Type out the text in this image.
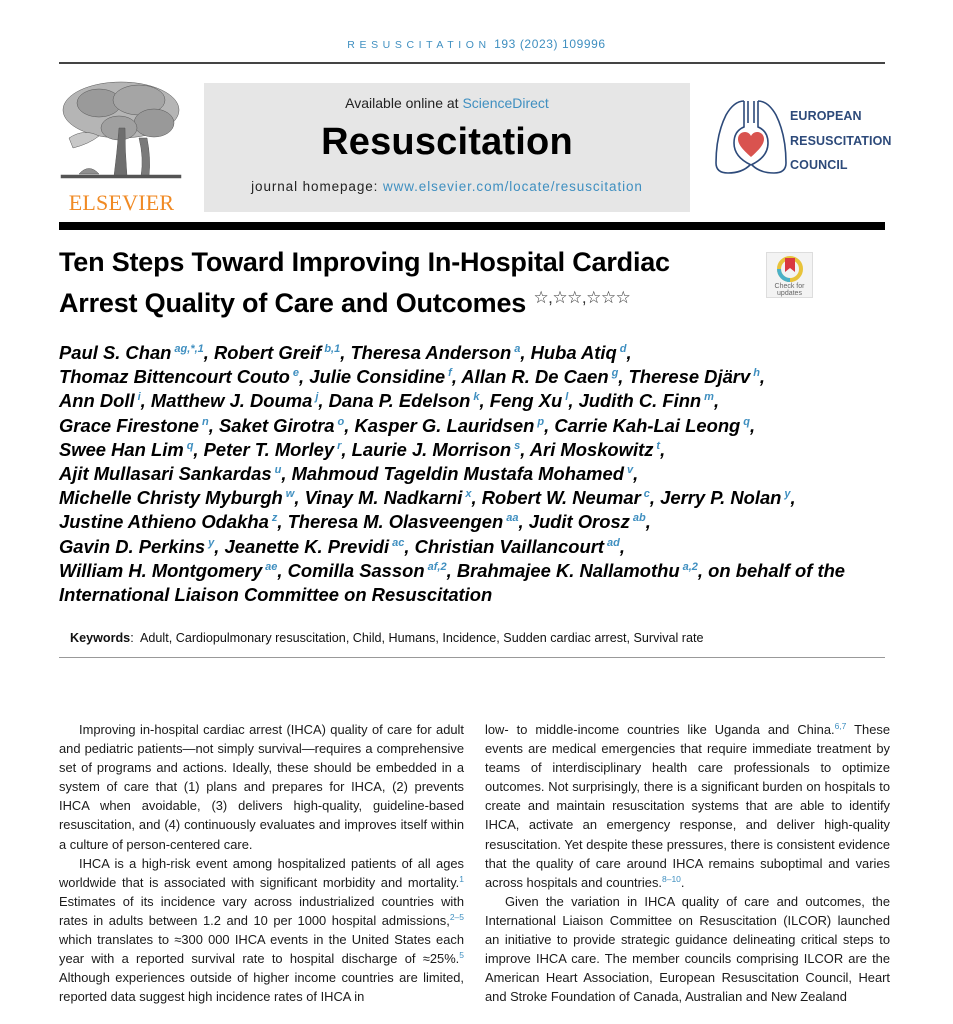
RESUSCITATION 193 (2023) 109996
ELSEVIER
Available online at ScienceDirect
Resuscitation
journal homepage: www.elsevier.com/locate/resuscitation
EUROPEAN
RESUSCITATION
COUNCIL
Ten Steps Toward Improving In-Hospital Cardiac
Arrest Quality of Care and Outcomes ☆,☆☆,☆☆☆
Check for
updates
Paul S. Chan $^{ag,*,1}$, Robert Greif $^{b,1}$, Theresa Anderson $^a$, Huba Atiq $^d$,
Thomaz Bittencourt Couto $^e$, Julie Considine $^f$, Allan R. De Caen $^g$, Therese Djärv $^h$,
Ann Doll $^i$, Matthew J. Douma $^j$, Dana P. Edelson $^k$, Feng Xu $^l$, Judith C. Finn $^m$,
Grace Firestone $^n$, Saket Girotra $^o$, Kasper G. Lauridsen $^p$, Carrie Kah-Lai Leong $^q$,
Swee Han Lim $^q$, Peter T. Morley $^r$, Laurie J. Morrison $^s$, Ari Moskowitz $^t$,
Ajit Mullasari Sankardas $^u$, Mahmoud Tageldin Mustafa Mohamed $^v$,
Michelle Christy Myburgh $^w$, Vinay M. Nadkarni $^x$, Robert W. Neumar $^c$, Jerry P. Nolan $^y$,
Justine Athieno Odakha $^z$, Theresa M. Olasveengen $^{aa}$, Judit Orosz $^{ab}$,
Gavin D. Perkins $^y$, Jeanette K. Previdi $^{ac}$, Christian Vaillancourt $^{ad}$,
William H. Montgomery $^{ae}$, Comilla Sasson $^{af,2}$, Brahmajee K. Nallamothu $^{a,2}$, on behalf of the International Liaison Committee on Resuscitation
Keywords: Adult, Cardiopulmonary resuscitation, Child, Humans, Incidence, Sudden cardiac arrest, Survival rate

Improving in-hospital cardiac arrest (IHCA) quality of care for adult and pediatric patients—not simply survival—requires a comprehensive set of programs and actions. Ideally, these should be embedded in a system of care that (1) plans and prepares for IHCA, (2) prevents IHCA when avoidable, (3) delivers high-quality, guideline-based resuscitation, and (4) continuously evaluates and improves itself within a culture of person-centered care.

IHCA is a high-risk event among hospitalized patients of all ages worldwide that is associated with significant morbidity and mortality.$^1$ Estimates of its incidence vary across industrialized countries with rates in adults between 1.2 and 10 per 1000 hospital admissions,$^{2-5}$ which translates to ≈300 000 IHCA events in the United States each year with a reported survival rate to hospital discharge of ≈25%.$^5$ Although experiences outside of higher income countries are limited, reported data suggest high incidence rates of IHCA in

low- to middle-income countries like Uganda and China.$^{6,7}$ These events are medical emergencies that require immediate treatment by teams of interdisciplinary health care professionals to optimize outcomes. Not surprisingly, there is a significant burden on hospitals to create and maintain resuscitation systems that are able to identify IHCA, activate an emergency response, and deliver high-quality resuscitation. Yet despite these pressures, there is consistent evidence that the quality of care around IHCA remains suboptimal and varies across hospitals and countries.$^{8-10}$.

Given the variation in IHCA quality of care and outcomes, the International Liaison Committee on Resuscitation (ILCOR) launched an initiative to provide strategic guidance delineating critical steps to improve IHCA care. The member councils comprising ILCOR are the American Heart Association, European Resuscitation Council, Heart and Stroke Foundation of Canada, Australian and New Zealand
